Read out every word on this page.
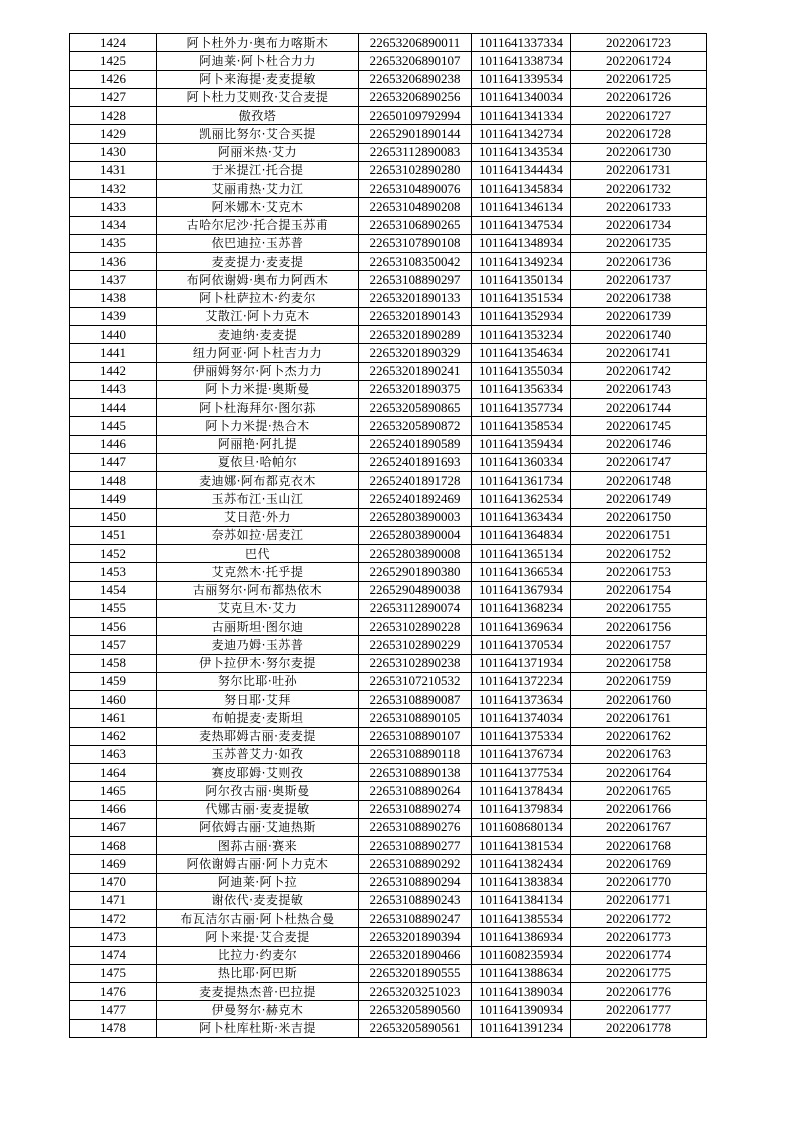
1424	阿卜杜外力·奥布力喀斯木	22653206890011	1011641337334	2022061723
1425	阿迪莱·阿卜杜合力力	22653206890107	1011641338734	2022061724
1426	阿卜来海提·麦麦提敏	22653206890238	1011641339534	2022061725
1427	阿卜杜力艾则孜·艾合麦提	22653206890256	1011641340034	2022061726
1428	傲孜塔	22650109792994	1011641341334	2022061727
1429	凯丽比努尔·艾合买提	22652901890144	1011641342734	2022061728
1430	阿丽米热·艾力	22653112890083	1011641343534	2022061730
1431	于米提江·托合提	22653102890280	1011641344434	2022061731
1432	艾丽甫热·艾力江	22653104890076	1011641345834	2022061732
1433	阿米娜木·艾克木	22653104890208	1011641346134	2022061733
1434	古哈尔尼沙·托合提玉苏甫	22653106890265	1011641347534	2022061734
1435	依巴迪拉·玉苏普	22653107890108	1011641348934	2022061735
1436	麦麦提力·麦麦提	22653108350042	1011641349234	2022061736
1437	布阿依谢姆·奥布力阿西木	22653108890297	1011641350134	2022061737
1438	阿卜杜萨拉木·约麦尔	22653201890133	1011641351534	2022061738
1439	艾散江·阿卜力克木	22653201890143	1011641352934	2022061739
1440	麦迪纳·麦麦提	22653201890289	1011641353234	2022061740
1441	纽力阿亚·阿卜杜吉力力	22653201890329	1011641354634	2022061741
1442	伊丽姆努尔·阿卜杰力力	22653201890241	1011641355034	2022061742
1443	阿卜力米提·奥斯曼	22653201890375	1011641356334	2022061743
1444	阿卜杜海拜尔·图尔荪	22653205890865	1011641357734	2022061744
1445	阿卜力米提·热合木	22653205890872	1011641358534	2022061745
1446	阿丽艳·阿扎提	22652401890589	1011641359434	2022061746
1447	夏依旦·哈帕尔	22652401891693	1011641360334	2022061747
1448	麦迪娜·阿布都克衣木	22652401891728	1011641361734	2022061748
1449	玉苏布江·玉山江	22652401892469	1011641362534	2022061749
1450	艾日范·外力	22652803890003	1011641363434	2022061750
1451	奈苏如拉·居麦江	22652803890004	1011641364834	2022061751
1452	巴代	22652803890008	1011641365134	2022061752
1453	艾克然木·托乎提	22652901890380	1011641366534	2022061753
1454	古丽努尔·阿布都热依木	22652904890038	1011641367934	2022061754
1455	艾克旦木·艾力	22653112890074	1011641368234	2022061755
1456	古丽斯坦·图尔迪	22653102890228	1011641369634	2022061756
1457	麦迪乃姆·玉苏普	22653102890229	1011641370534	2022061757
1458	伊卜拉伊木·努尔麦提	22653102890238	1011641371934	2022061758
1459	努尔比耶·吐孙	22653107210532	1011641372234	2022061759
1460	努日耶·艾拜	22653108890087	1011641373634	2022061760
1461	布帕提麦·麦斯坦	22653108890105	1011641374034	2022061761
1462	麦热耶姆古丽·麦麦提	22653108890107	1011641375334	2022061762
1463	玉苏普艾力·如孜	22653108890118	1011641376734	2022061763
1464	赛皮耶姆·艾则孜	22653108890138	1011641377534	2022061764
1465	阿尔孜古丽·奥斯曼	22653108890264	1011641378434	2022061765
1466	代娜古丽·麦麦提敏	22653108890274	1011641379834	2022061766
1467	阿依姆古丽·艾迪热斯	22653108890276	1011608680134	2022061767
1468	图荪古丽·赛来	22653108890277	1011641381534	2022061768
1469	阿依谢姆古丽·阿卜力克木	22653108890292	1011641382434	2022061769
1470	阿迪莱·阿卜拉	22653108890294	1011641383834	2022061770
1471	谢依代·麦麦提敏	22653108890243	1011641384134	2022061771
1472	布瓦洁尔古丽·阿卜杜热合曼	22653108890247	1011641385534	2022061772
1473	阿卜来提·艾合麦提	22653201890394	1011641386934	2022061773
1474	比拉力·约麦尔	22653201890466	1011608235934	2022061774
1475	热比耶·阿巴斯	22653201890555	1011641388634	2022061775
1476	麦麦提热杰普·巴拉提	22653203251023	1011641389034	2022061776
1477	伊曼努尔·赫克木	22653205890560	1011641390934	2022061777
1478	阿卜杜库杜斯·米吉提	22653205890561	1011641391234	2022061778
